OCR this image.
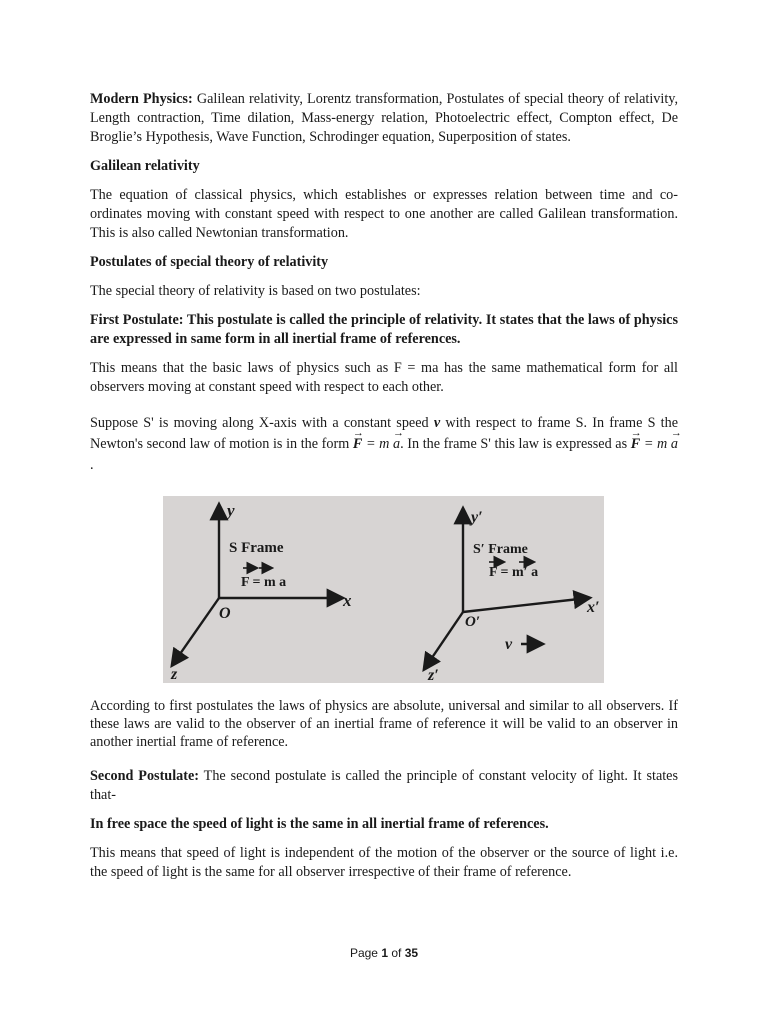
Modern Physics: Galilean relativity, Lorentz transformation, Postulates of special theory of relativity, Length contraction, Time dilation, Mass-energy relation, Photoelectric effect, Compton effect, De Broglie’s Hypothesis, Wave Function, Schrodinger equation, Superposition of states.

Galilean relativity

The equation of classical physics, which establishes or expresses relation between time and co-ordinates moving with constant speed with respect to one another are called Galilean transformation. This is also called Newtonian transformation.

Postulates of special theory of relativity

The special theory of relativity is based on two postulates:

First Postulate: This postulate is called the principle of relativity. It states that the laws of physics are expressed in same form in all inertial frame of references.

This means that the basic laws of physics such as F = ma has the same mathematical form for all observers moving at constant speed with respect to each other.

Suppose S' is moving along X-axis with a constant speed v with respect to frame S. In frame S the Newton's second law of motion is in the form → F = m → a. In the frame S' this law is expressed as → F = m → a.

y
x
z
O
S Frame
F = m a
y′
x′
z′
O′
S′ Frame
F = m′ a
v

According to first postulates the laws of physics are absolute, universal and similar to all observers. If these laws are valid to the observer of an inertial frame of reference it will be valid to an observer in another inertial frame of reference.

Second Postulate: The second postulate is called the principle of constant velocity of light. It states that-

In free space the speed of light is the same in all inertial frame of references.

This means that speed of light is independent of the motion of the observer or the source of light i.e. the speed of light is the same for all observer irrespective of their frame of reference.

Page 1 of 35
